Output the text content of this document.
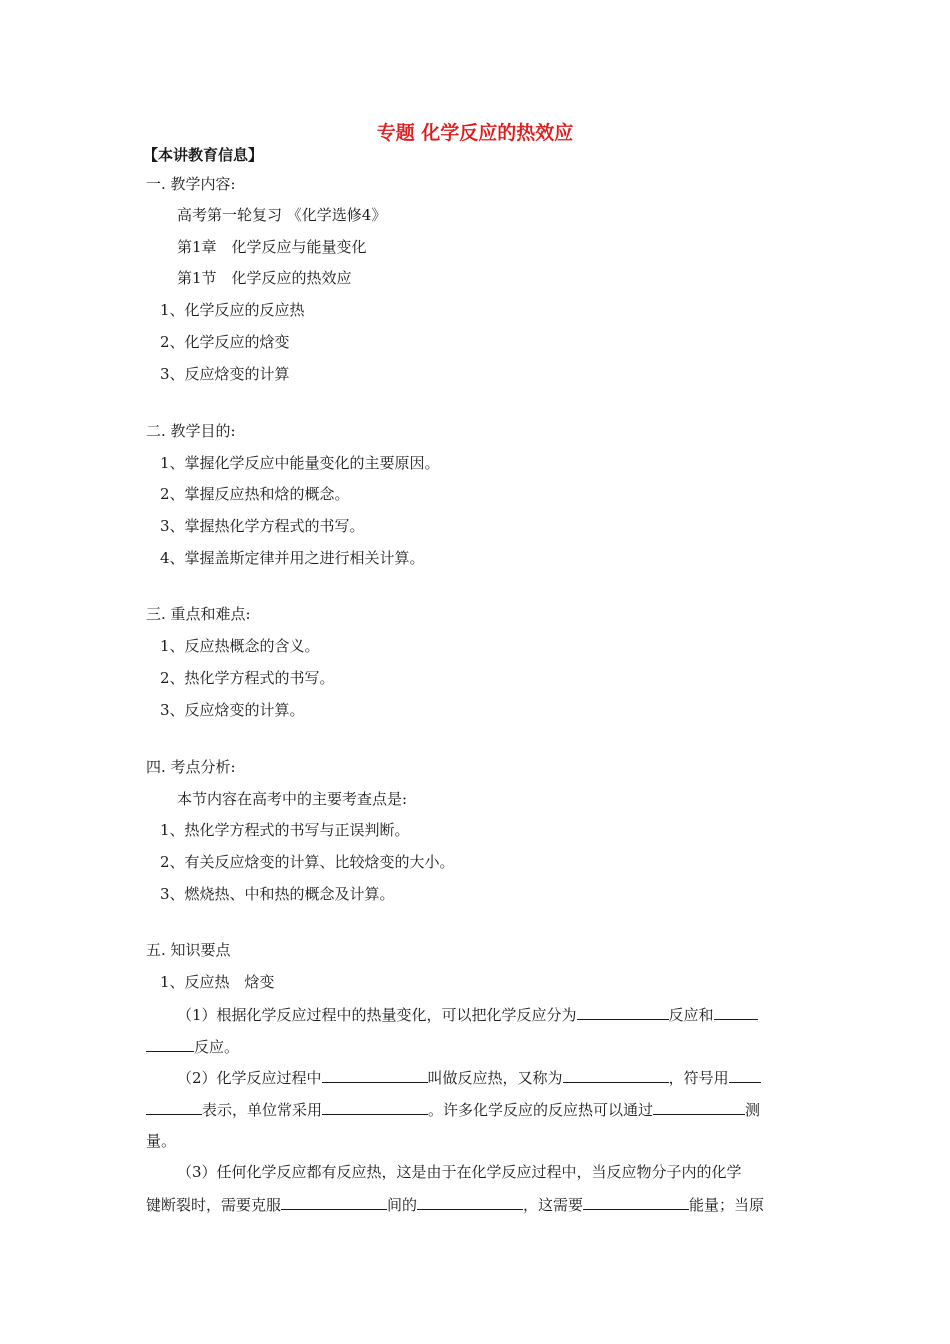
专题 化学反应的热效应
【本讲教育信息】
一. 教学内容:
高考第一轮复习 《化学选修4》
第1章　化学反应与能量变化
第1节　化学反应的热效应
1、化学反应的反应热
2、化学反应的焓变
3、反应焓变的计算
二. 教学目的:
1、掌握化学反应中能量变化的主要原因。
2、掌握反应热和焓的概念。
3、掌握热化学方程式的书写。
4、掌握盖斯定律并用之进行相关计算。
三. 重点和难点:
1、反应热概念的含义。
2、热化学方程式的书写。
3、反应焓变的计算。
四. 考点分析:
本节内容在高考中的主要考查点是:
1、热化学方程式的书写与正误判断。
2、有关反应焓变的计算、比较焓变的大小。
3、燃烧热、中和热的概念及计算。
五. 知识要点
1、反应热　焓变
（1）根据化学反应过程中的热量变化，可以把化学反应分为	反应和
反应。
（2）化学反应过程中	叫做反应热，又称为	，符号用
表示，单位常采用	。许多化学反应的反应热可以通过	测
量。
（3）任何化学反应都有反应热，这是由于在化学反应过程中，当反应物分子内的化学
键断裂时，需要克服	间的	，这需要	能量；当原
